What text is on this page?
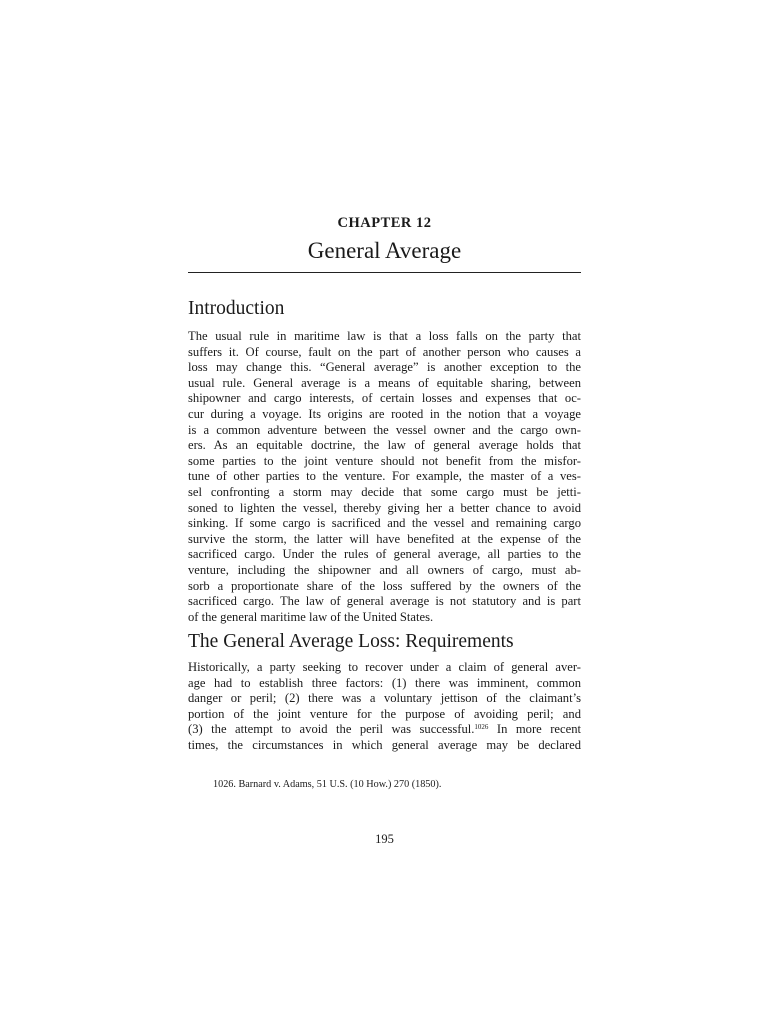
CHAPTER 12
General Average
Introduction
The usual rule in maritime law is that a loss falls on the party that
suffers it. Of course, fault on the part of another person who causes a
loss may change this. “General average” is another exception to the
usual rule. General average is a means of equitable sharing, between
shipowner and cargo interests, of certain losses and expenses that oc-
cur during a voyage. Its origins are rooted in the notion that a voyage
is a common adventure between the vessel owner and the cargo own-
ers. As an equitable doctrine, the law of general average holds that
some parties to the joint venture should not benefit from the misfor-
tune of other parties to the venture. For example, the master of a ves-
sel confronting a storm may decide that some cargo must be jetti-
soned to lighten the vessel, thereby giving her a better chance to avoid
sinking. If some cargo is sacrificed and the vessel and remaining cargo
survive the storm, the latter will have benefited at the expense of the
sacrificed cargo. Under the rules of general average, all parties to the
venture, including the shipowner and all owners of cargo, must ab-
sorb a proportionate share of the loss suffered by the owners of the
sacrificed cargo. The law of general average is not statutory and is part
of the general maritime law of the United States.
The General Average Loss: Requirements
Historically, a party seeking to recover under a claim of general aver-
age had to establish three factors: (1) there was imminent, common
danger or peril; (2) there was a voluntary jettison of the claimant’s
portion of the joint venture for the purpose of avoiding peril; and
(3) the attempt to avoid the peril was successful.$^{1026}$ In more recent
times, the circumstances in which general average may be declared
1026. Barnard v. Adams, 51 U.S. (10 How.) 270 (1850).
195
